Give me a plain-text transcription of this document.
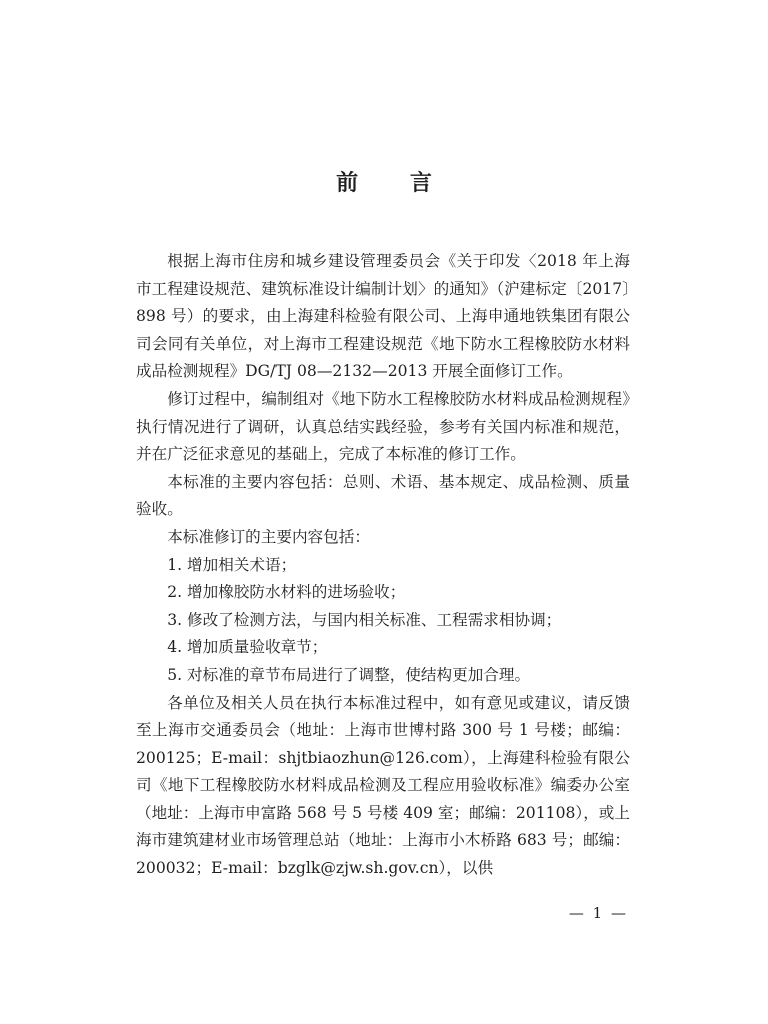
前 言

根据上海市住房和城乡建设管理委员会《关于印发〈2018 年上海市工程建设规范、建筑标准设计编制计划〉的通知》（沪建标定〔2017〕898 号）的要求，由上海建科检验有限公司、上海申通地铁集团有限公司会同有关单位，对上海市工程建设规范《地下防水工程橡胶防水材料成品检测规程》DG/TJ 08—2132—2013 开展全面修订工作。

修订过程中，编制组对《地下防水工程橡胶防水材料成品检测规程》执行情况进行了调研，认真总结实践经验，参考有关国内标准和规范，并在广泛征求意见的基础上，完成了本标准的修订工作。

本标准的主要内容包括：总则、术语、基本规定、成品检测、质量验收。

本标准修订的主要内容包括：

1. 增加相关术语；

2. 增加橡胶防水材料的进场验收；

3. 修改了检测方法，与国内相关标准、工程需求相协调；

4. 增加质量验收章节；

5. 对标准的章节布局进行了调整，使结构更加合理。

各单位及相关人员在执行本标准过程中，如有意见或建议，请反馈至上海市交通委员会（地址：上海市世博村路 300 号 1 号楼；邮编：200125；E-mail：shjtbiaozhun@126.com），上海建科检验有限公司《地下工程橡胶防水材料成品检测及工程应用验收标准》编委办公室（地址：上海市申富路 568 号 5 号楼 409 室；邮编：201108），或上海市建筑建材业市场管理总站（地址：上海市小木桥路 683 号；邮编：200032；E-mail：bzglk@zjw.sh.gov.cn），以供

— 1 —
